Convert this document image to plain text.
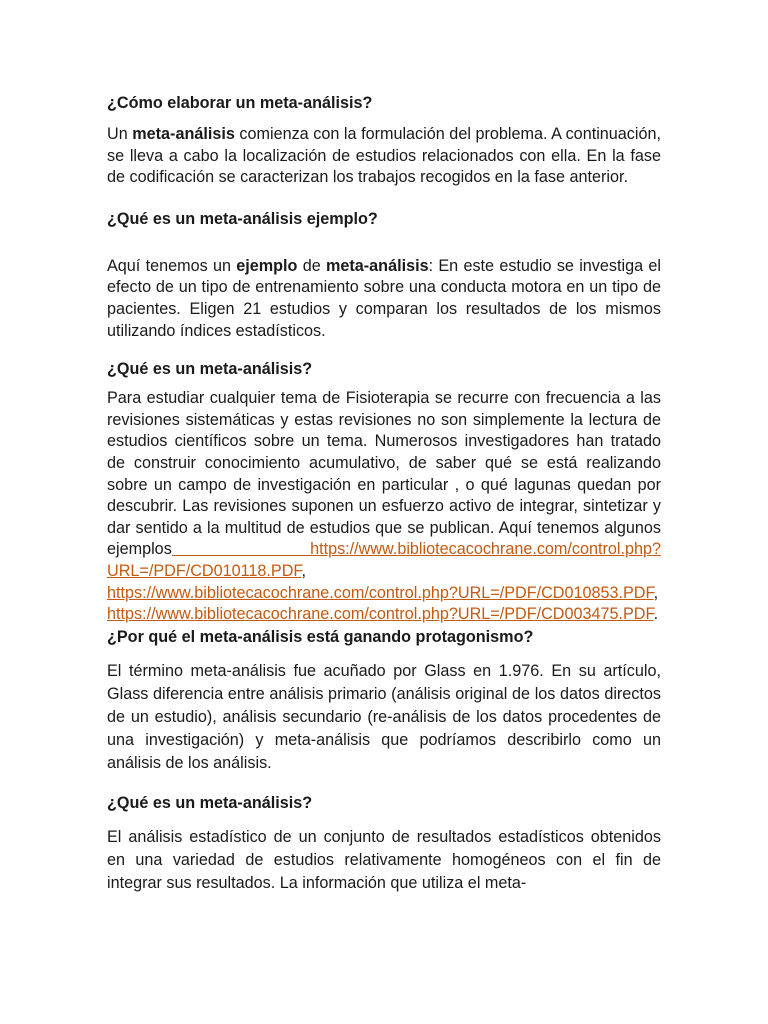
¿Cómo elaborar un meta-análisis?

Un meta-análisis comienza con la formulación del problema. A continuación, se lleva a cabo la localización de estudios relacionados con ella. En la fase de codificación se caracterizan los trabajos recogidos en la fase anterior.

¿Qué es un meta-análisis ejemplo?

Aquí tenemos un ejemplo de meta-análisis: En este estudio se investiga el efecto de un tipo de entrenamiento sobre una conducta motora en un tipo de pacientes. Eligen 21 estudios y comparan los resultados de los mismos utilizando índices estadísticos.

¿Qué es un meta-análisis?

Para estudiar cualquier tema de Fisioterapia se recurre con frecuencia a las revisiones sistemáticas y estas revisiones no son simplemente la lectura de estudios científicos sobre un tema. Numerosos investigadores han tratado de construir conocimiento acumulativo, de saber qué se está realizando sobre un campo de investigación en particular , o qué lagunas quedan por descubrir. Las revisiones suponen un esfuerzo activo de integrar, sintetizar y dar sentido a la multitud de estudios que se publican. Aquí tenemos algunos ejemplos https://www.bibliotecacochrane.com/control.php?URL=/PDF/CD010118.PDF, https://www.bibliotecacochrane.com/control.php?URL=/PDF/CD010853.PDF, https://www.bibliotecacochrane.com/control.php?URL=/PDF/CD003475.PDF.

¿Por qué el meta-análisis está ganando protagonismo?

El término meta-análisis fue acuñado por Glass en 1.976. En su artículo, Glass diferencia entre análisis primario (análisis original de los datos directos de un estudio), análisis secundario (re-análisis de los datos procedentes de una investigación) y meta-análisis que podríamos describirlo como un análisis de los análisis.

¿Qué es un meta-análisis?

El análisis estadístico de un conjunto de resultados estadísticos obtenidos en una variedad de estudios relativamente homogéneos con el fin de integrar sus resultados. La información que utiliza el meta-
